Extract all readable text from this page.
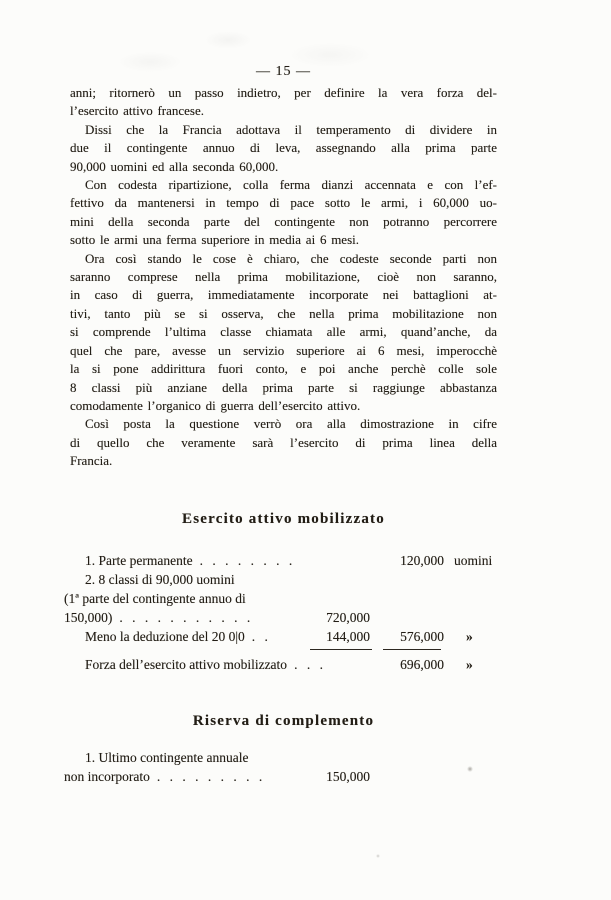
— 15 —
anni; ritornerò un passo indietro, per definire la vera forza del-
l’esercito attivo francese.
Dissi che la Francia adottava il temperamento di dividere in
due il contingente annuo di leva, assegnando alla prima parte
90,000 uomini ed alla seconda 60,000.
Con codesta ripartizione, colla ferma dianzi accennata e con l’ef-
fettivo da mantenersi in tempo di pace sotto le armi, i 60,000 uo-
mini della seconda parte del contingente non potranno percorrere
sotto le armi una ferma superiore in media ai 6 mesi.
Ora così stando le cose è chiaro, che codeste seconde parti non
saranno comprese nella prima mobilitazione, cioè non saranno,
in caso di guerra, immediatamente incorporate nei battaglioni at-
tivi, tanto più se si osserva, che nella prima mobilitazione non
si comprende l’ultima classe chiamata alle armi, quand’anche, da
quel che pare, avesse un servizio superiore ai 6 mesi, imperocchè
la si pone addirittura fuori conto, e poi anche perchè colle sole
8 classi più anziane della prima parte si raggiunge abbastanza
comodamente l’organico di guerra dell’esercito attivo.
Così posta la questione verrò ora alla dimostrazione in cifre
di quello che veramente sarà l’esercito di prima linea della
Francia.
Esercito attivo mobilizzato
1. Parte permanente . . . . . . . .	120,000 uomini
2. 8 classi di 90,000 uomini
(1ª parte del contingente annuo di
150,000) . . . . . . . . . . .	720,000
Meno la deduzione del 20 0|0 . .	144,000 576,000 »
Forza dell’esercito attivo mobilizzato . . .	696,000 »
Riserva di complemento
1. Ultimo contingente annuale
non incorporato . . . . . . . . .	150,000
